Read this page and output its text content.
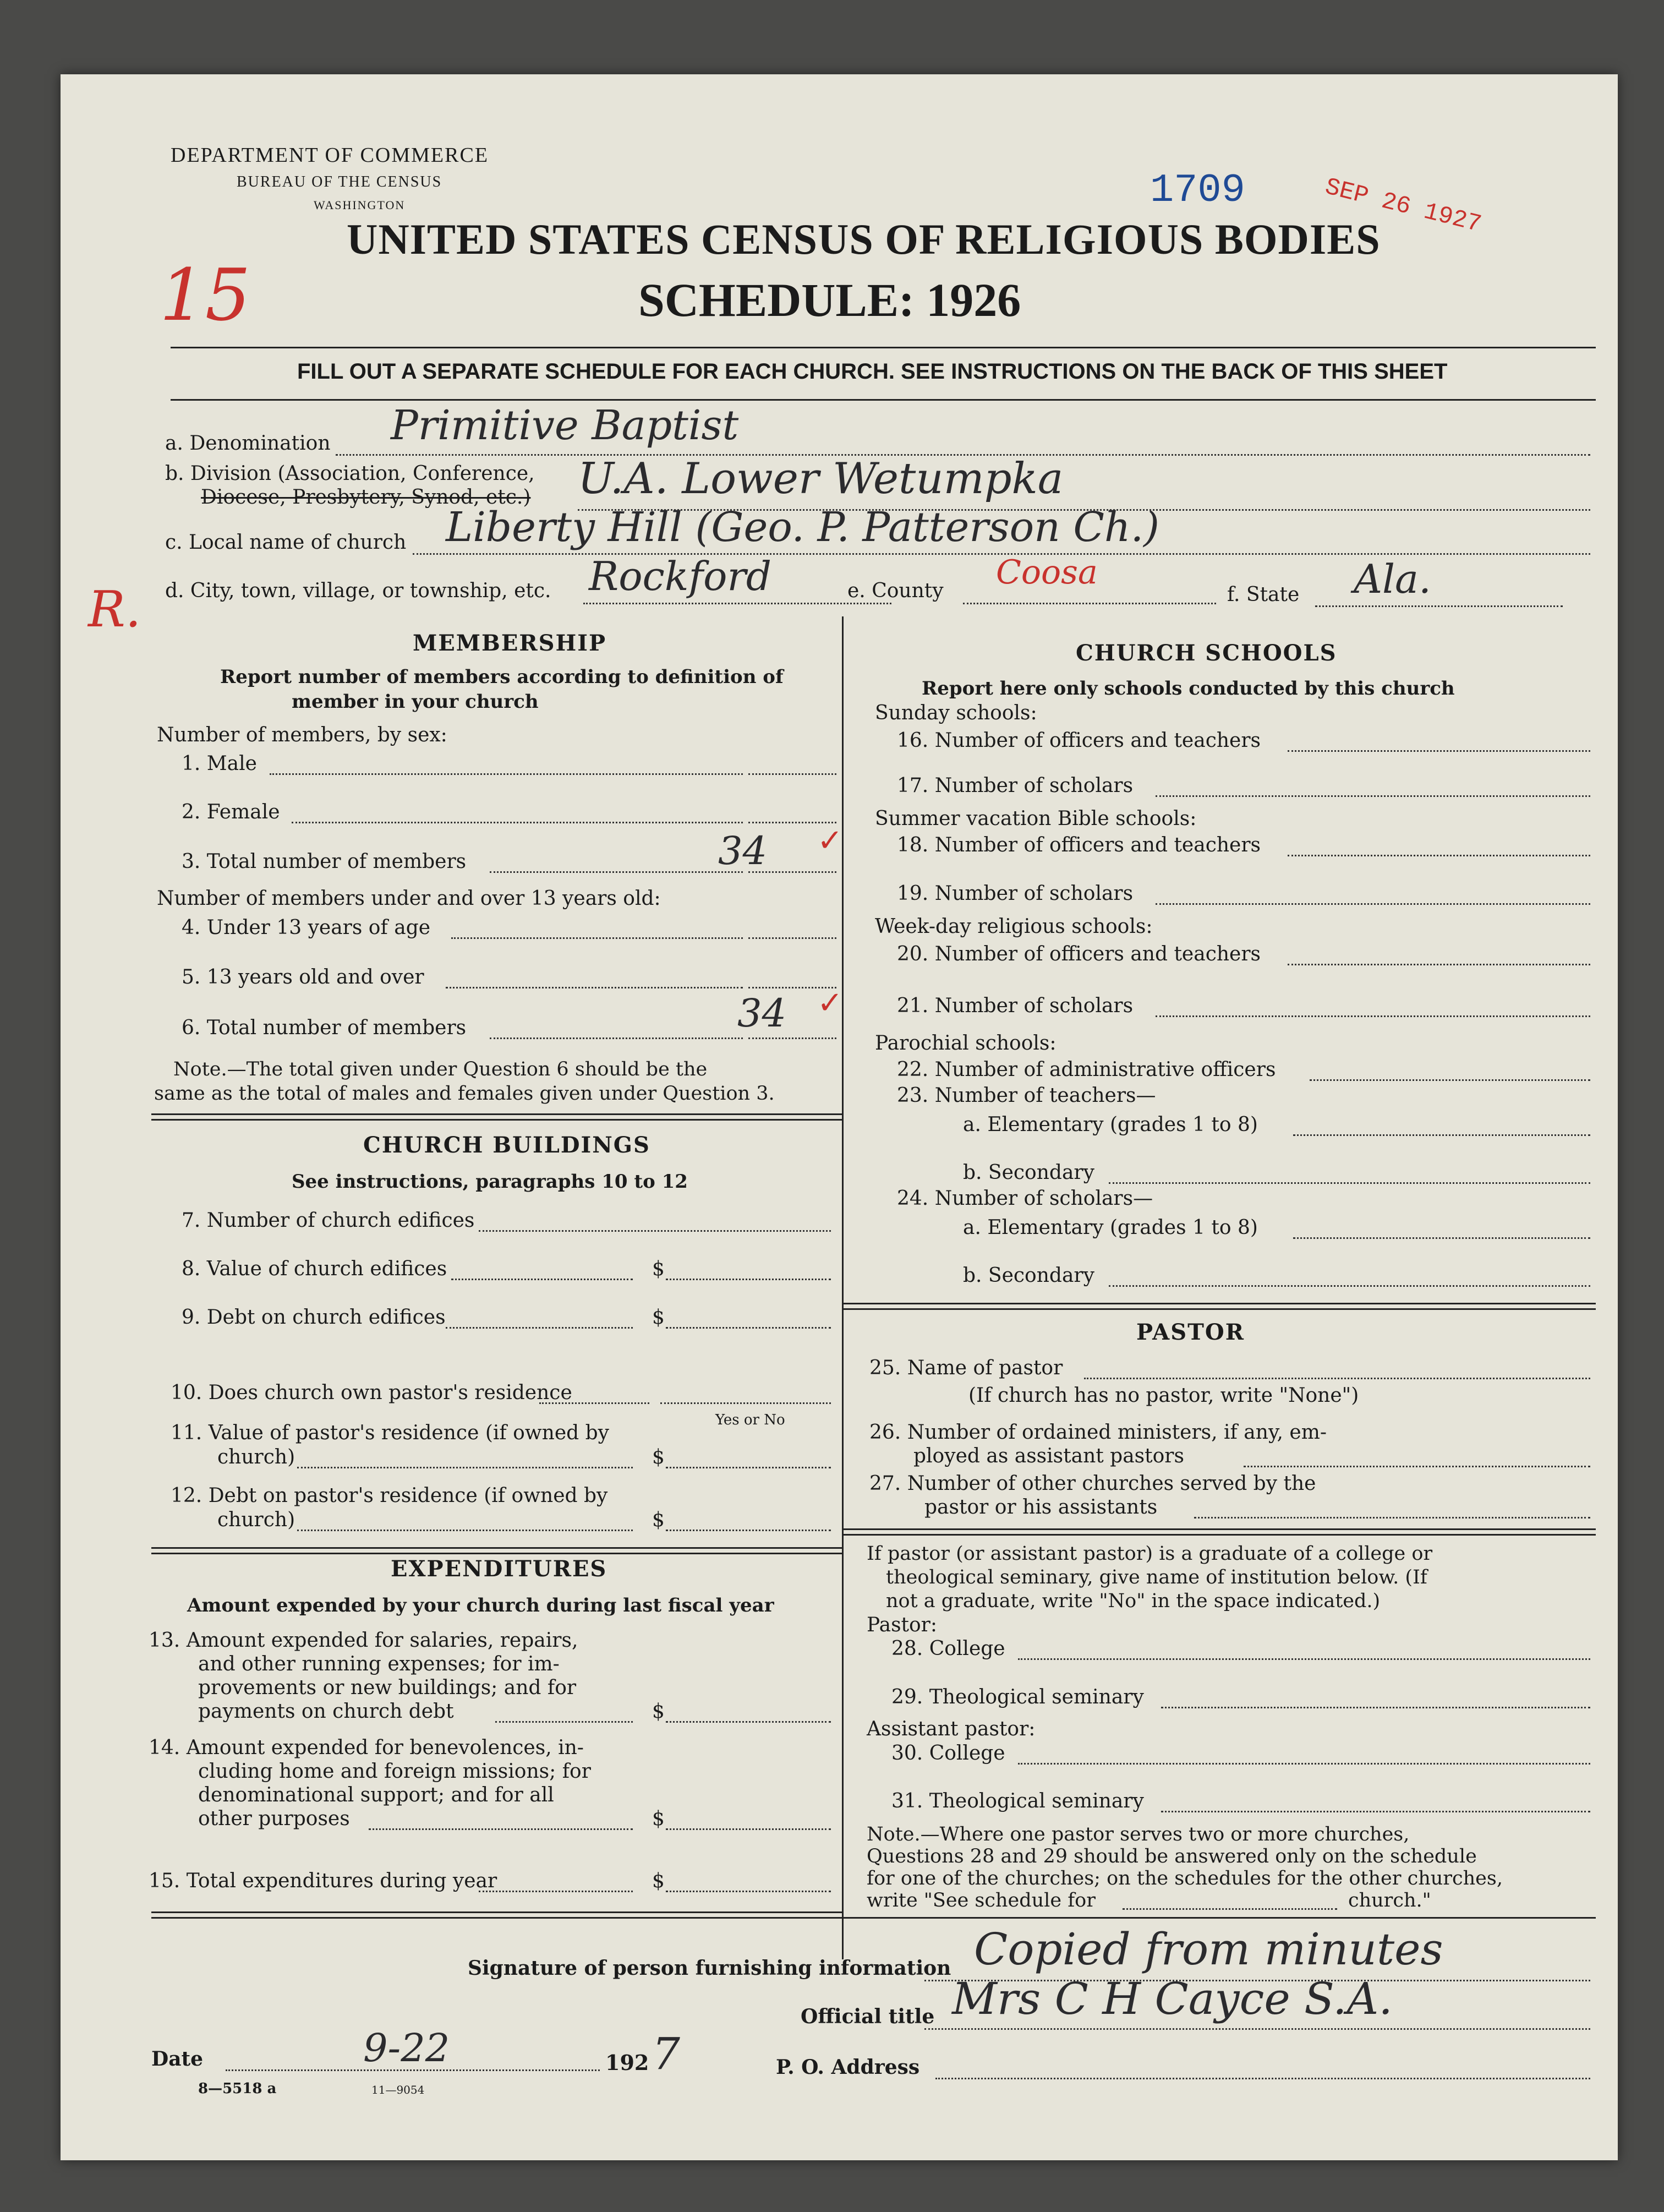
DEPARTMENT OF COMMERCE
BUREAU OF THE CENSUS
WASHINGTON	1709	SEP 26 1927
15
UNITED STATES CENSUS OF RELIGIOUS BODIES
SCHEDULE: 1926
FILL OUT A SEPARATE SCHEDULE FOR EACH CHURCH. SEE INSTRUCTIONS ON THE BACK OF THIS SHEET
a. Denomination Primitive Baptist
b. Division (Association, Conference,
Diocese, Presbytery, Synod, etc.) U.A. Lower Wetumpka
c. Local name of church Liberty Hill (Geo. P. Patterson Ch.)
R. d. City, town, village, or township, etc. Rockford	e. County Coosa
f. State Ala.
MEMBERSHIP
Report number of members according to definition of
member in your church
Number of members, by sex:
1. Male
2. Female
3. Total number of members	34 ✓
Number of members under and over 13 years old:
4. Under 13 years of age
5. 13 years old and over
6. Total number of members	34 ✓
Note.—The total given under Question 6 should be the
same as the total of males and females given under Question 3.
CHURCH BUILDINGS
See instructions, paragraphs 10 to 12
7. Number of church edifices
8. Value of church edifices	$
9. Debt on church edifices	$
10. Does church own pastor's residence
Yes or No
11. Value of pastor's residence (if owned by
church)	$
12. Debt on pastor's residence (if owned by
church)	$
EXPENDITURES
Amount expended by your church during last fiscal year
13. Amount expended for salaries, repairs,
and other running expenses; for im-
provements or new buildings; and for
payments on church debt	$
14. Amount expended for benevolences, in-
cluding home and foreign missions; for
denominational support; and for all
other purposes	$
15. Total expenditures during year	$
CHURCH SCHOOLS
Report here only schools conducted by this church
Sunday schools:
16. Number of officers and teachers
17. Number of scholars
Summer vacation Bible schools:
18. Number of officers and teachers
19. Number of scholars
Week-day religious schools:
20. Number of officers and teachers
21. Number of scholars
Parochial schools:
22. Number of administrative officers
23. Number of teachers—
a. Elementary (grades 1 to 8)
b. Secondary
24. Number of scholars—
a. Elementary (grades 1 to 8)
b. Secondary
PASTOR
25. Name of pastor
(If church has no pastor, write "None")
26. Number of ordained ministers, if any, em-
ployed as assistant pastors
27. Number of other churches served by the
pastor or his assistants
If pastor (or assistant pastor) is a graduate of a college or
theological seminary, give name of institution below. (If
not a graduate, write "No" in the space indicated.)
Pastor:
28. College
29. Theological seminary
Assistant pastor:
30. College
31. Theological seminary
Note.—Where one pastor serves two or more churches,
Questions 28 and 29 should be answered only on the schedule
for one of the churches; on the schedules for the other churches,
write "See schedule for	church."
Signature of person furnishing information Copied from minutes
Official title Mrs C H Cayce S.A.
Date	9-22	192 7	P. O. Address
8—5518 a	11—9054
